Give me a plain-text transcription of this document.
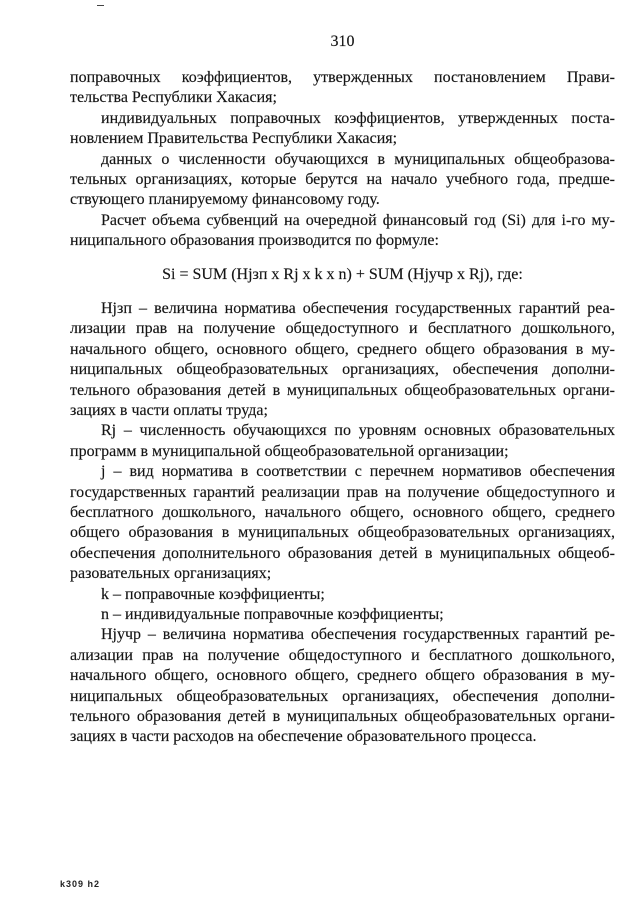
310
поправочных коэффициентов, утвержденных постановлением Прави-
тельства Республики Хакасия;
индивидуальных поправочных коэффициентов, утвержденных поста-
новлением Правительства Республики Хакасия;
данных о численности обучающихся в муниципальных общеобразова-
тельных организациях, которые берутся на начало учебного года, предше-
ствующего планируемому финансовому году.
Расчет объема субвенций на очередной финансовый год (Si) для i-го му-
ниципального образования производится по формуле:
Si = SUM (Hjзп x Rj x k x n) + SUM (Hjучр x Rj), где:
Hjзп – величина норматива обеспечения государственных гарантий реа-
лизации прав на получение общедоступного и бесплатного дошкольного,
начального общего, основного общего, среднего общего образования в му-
ниципальных общеобразовательных организациях, обеспечения дополни-
тельного образования детей в муниципальных общеобразовательных органи-
зациях в части оплаты труда;
Rj – численность обучающихся по уровням основных образовательных
программ в муниципальной общеобразовательной организации;
j – вид норматива в соответствии с перечнем нормативов обеспечения
государственных гарантий реализации прав на получение общедоступного и
бесплатного дошкольного, начального общего, основного общего, среднего
общего образования в муниципальных общеобразовательных организациях,
обеспечения дополнительного образования детей в муниципальных общеоб-
разовательных организациях;
k – поправочные коэффициенты;
n – индивидуальные поправочные коэффициенты;
Hjучр – величина норматива обеспечения государственных гарантий ре-
ализации прав на получение общедоступного и бесплатного дошкольного,
начального общего, основного общего, среднего общего образования в му-
ниципальных общеобразовательных организациях, обеспечения дополни-
тельного образования детей в муниципальных общеобразовательных органи-
зациях в части расходов на обеспечение образовательного процесса.
k309 h2
